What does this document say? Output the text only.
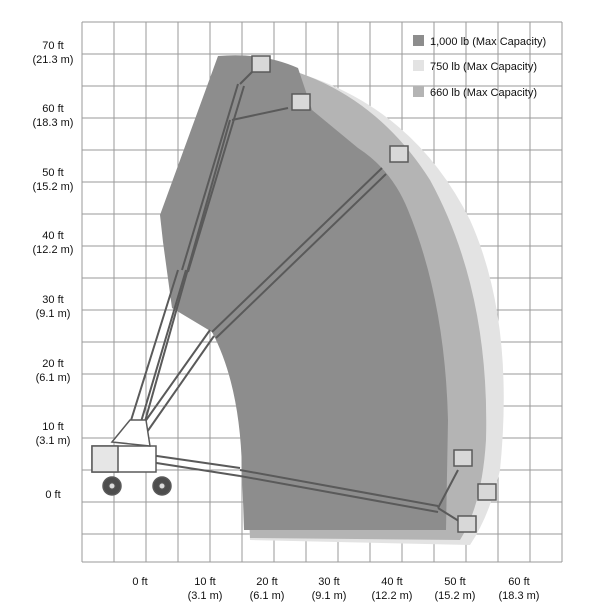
1,000 lb (Max Capacity)
750 lb (Max Capacity)
660 lb (Max Capacity)
70 ft
(21.3 m)
60 ft
(18.3 m)
50 ft
(15.2 m)
40 ft
(12.2 m)
30 ft
(9.1 m)
20 ft
(6.1 m)
10 ft
(3.1 m)
0 ft
0 ft	10 ft
(3.1 m)
20 ft
(6.1 m)
30 ft
(9.1 m)
40 ft
(12.2 m)
50 ft
(15.2 m)
60 ft
(18.3 m)
